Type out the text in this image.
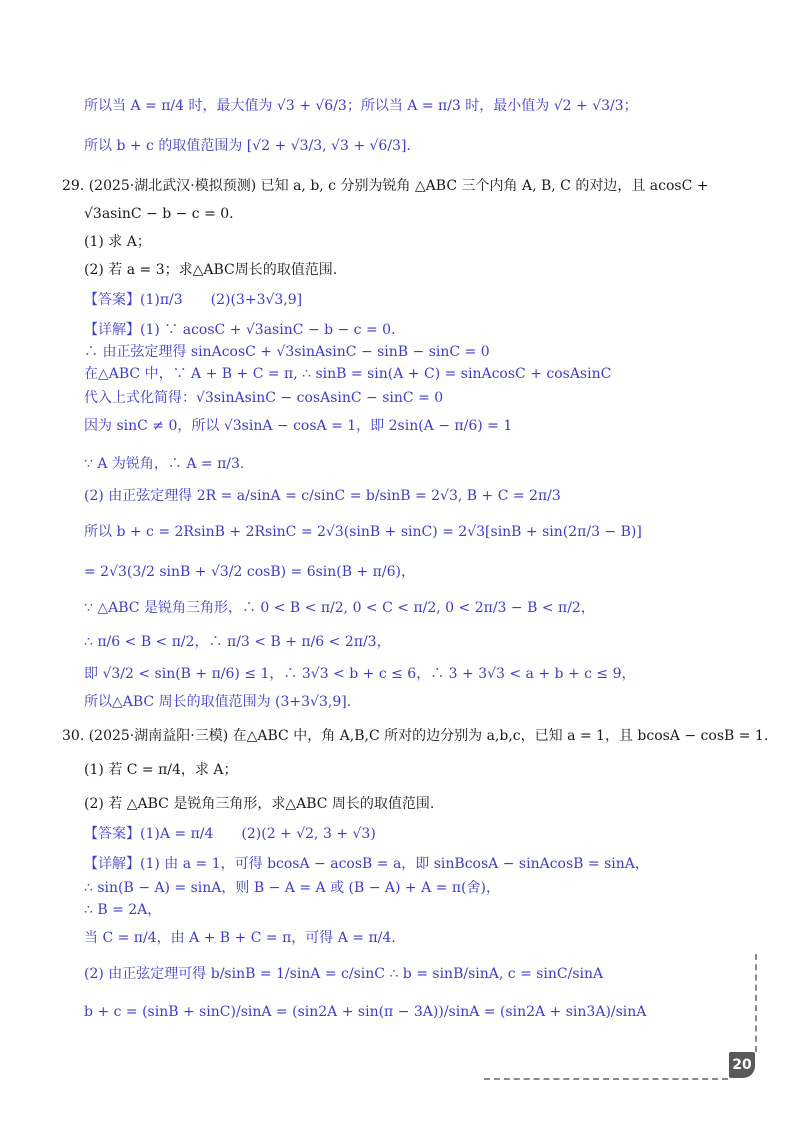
所以当 A = π/4 时，最大值为 √3 + √6/3；所以当 A = π/3 时，最小值为 √2 + √3/3；
所以 b + c 的取值范围为 [√2 + √3/3, √3 + √6/3].
29. (2025·湖北武汉·模拟预测) 已知 a, b, c 分别为锐角 △ABC 三个内角 A, B, C 的对边，且 acosC +
√3asinC − b − c = 0.
(1) 求 A；
(2) 若 a = 3；求△ABC周长的取值范围.
【答案】(1)π/3　　(2)(3+3√3,9]
【详解】(1) ∵ acosC + √3asinC − b − c = 0.
∴ 由正弦定理得 sinAcosC + √3sinAsinC − sinB − sinC = 0
在△ABC 中，∵ A + B + C = π, ∴ sinB = sin(A + C) = sinAcosC + cosAsinC
代入上式化简得：√3sinAsinC − cosAsinC − sinC = 0
因为 sinC ≠ 0，所以 √3sinA − cosA = 1，即 2sin(A − π/6) = 1
∵ A 为锐角，∴ A = π/3.
(2) 由正弦定理得 2R = a/sinA = c/sinC = b/sinB = 2√3, B + C = 2π/3
所以 b + c = 2RsinB + 2RsinC = 2√3(sinB + sinC) = 2√3[sinB + sin(2π/3 − B)]
= 2√3(3/2 sinB + √3/2 cosB) = 6sin(B + π/6)，
∵ △ABC 是锐角三角形，∴ 0 < B < π/2, 0 < C < π/2, 0 < 2π/3 − B < π/2，
∴ π/6 < B < π/2，∴ π/3 < B + π/6 < 2π/3，
即 √3/2 < sin(B + π/6) ≤ 1，∴ 3√3 < b + c ≤ 6，∴ 3 + 3√3 < a + b + c ≤ 9，
所以△ABC 周长的取值范围为 (3+3√3,9].
30. (2025·湖南益阳·三模) 在△ABC 中，角 A,B,C 所对的边分别为 a,b,c，已知 a = 1，且 bcosA − cosB = 1.
(1) 若 C = π/4，求 A；
(2) 若 △ABC 是锐角三角形，求△ABC 周长的取值范围.
【答案】(1)A = π/4　　(2)(2 + √2, 3 + √3)
【详解】(1) 由 a = 1，可得 bcosA − acosB = a，即 sinBcosA − sinAcosB = sinA，
∴ sin(B − A) = sinA，则 B − A = A 或 (B − A) + A = π(舍)，
∴ B = 2A，
当 C = π/4，由 A + B + C = π，可得 A = π/4.
(2) 由正弦定理可得 b/sinB = 1/sinA = c/sinC ∴ b = sinB/sinA, c = sinC/sinA
b + c = (sinB + sinC)/sinA = (sin2A + sin(π − 3A))/sinA = (sin2A + sin3A)/sinA
20
